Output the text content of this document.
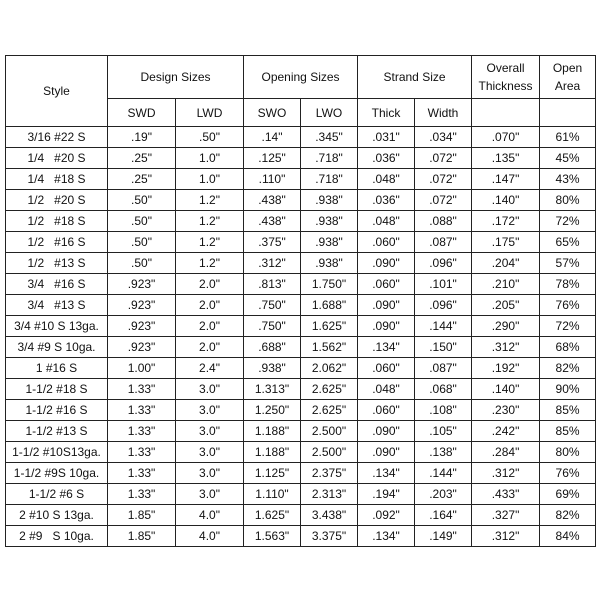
Style	Design Sizes		Opening Sizes		Strand Size		Overall Thickness	Open Area
	SWD	LWD	SWO	LWO	Thick	Width		
3/16 #22 S	.19"	.50"	.14"	.345"	.031"	.034"	.070"	61%
1/4   #20 S	.25"	1.0"	.125"	.718"	.036"	.072"	.135"	45%
1/4   #18 S	.25"	1.0"	.110"	.718"	.048"	.072"	.147"	43%
1/2   #20 S	.50"	1.2"	.438"	.938"	.036"	.072"	.140"	80%
1/2   #18 S	.50"	1.2"	.438"	.938"	.048"	.088"	.172"	72%
1/2   #16 S	.50"	1.2"	.375"	.938"	.060"	.087"	.175"	65%
1/2   #13 S	.50"	1.2"	.312"	.938"	.090"	.096"	.204"	57%
3/4   #16 S	.923"	2.0"	.813"	1.750"	.060"	.101"	.210"	78%
3/4   #13 S	.923"	2.0"	.750"	1.688"	.090"	.096"	.205"	76%
3/4 #10 S 13ga.	.923"	2.0"	.750"	1.625"	.090"	.144"	.290"	72%
3/4 #9 S 10ga.	.923"	2.0"	.688"	1.562"	.134"	.150"	.312"	68%
1 #16 S	1.00"	2.4"	.938"	2.062"	.060"	.087"	.192"	82%
1-1/2 #18 S	1.33"	3.0"	1.313"	2.625"	.048"	.068"	.140"	90%
1-1/2 #16 S	1.33"	3.0"	1.250"	2.625"	.060"	.108"	.230"	85%
1-1/2 #13 S	1.33"	3.0"	1.188"	2.500"	.090"	.105"	.242"	85%
1-1/2 #10S13ga.	1.33"	3.0"	1.188"	2.500"	.090"	.138"	.284"	80%
1-1/2 #9S 10ga.	1.33"	3.0"	1.125"	2.375"	.134"	.144"	.312"	76%
1-1/2 #6 S	1.33"	3.0"	1.110"	2.313"	.194"	.203"	.433"	69%
2 #10 S 13ga.	1.85"	4.0"	1.625"	3.438"	.092"	.164"	.327"	82%
2 #9   S 10ga.	1.85"	4.0"	1.563"	3.375"	.134"	.149"	.312"	84%
